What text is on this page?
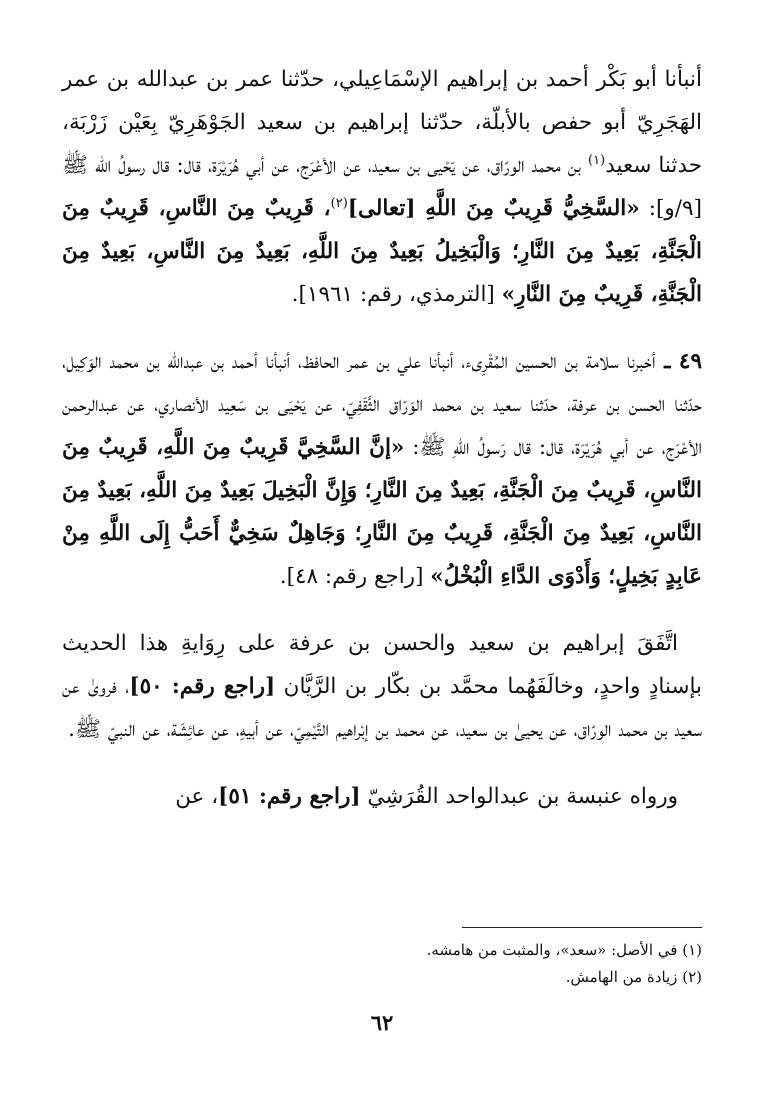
أنبأنا أبو بَكْر أحمد بن إبراهيم الإسْمَاعِيلي، حدّثنا عمر بن عبدالله بن عمر الهَجَرِيّ أبو حفص بالأبلّة، حدّثنا إبراهيم بن سعيد الجَوْهَرِيّ بِعَيْن زَرْبَة، حدثنا سعيد$^{(١)}$ بن محمد الورّاق، عن يَحْيى بن سعيد، عن الأعْرَج، عن أبي هُرَيْرَة، قال: قال رسولُ الله ﷺ [٩/و]: «السَّخِيُّ قَرِيبٌ مِنَ اللَّهِ [تعالى]$^{(٢)}$، قَرِيبٌ مِنَ النَّاسِ، قَرِيبٌ مِنَ الْجَنَّةِ، بَعِيدٌ مِنَ النَّارِ؛ وَالْبَخِيلُ بَعِيدٌ مِنَ اللَّهِ، بَعِيدٌ مِنَ النَّاسِ، بَعِيدٌ مِنَ الْجَنَّةِ، قَرِيبٌ مِنَ النَّارِ» [الترمذي، رقم: ١٩٦١].

٤٩ ـ أخبرنا سلامة بن الحسين المُقْرِىء، أنبأنا علي بن عمر الحافظ، أنبأنا أحمد بن عبدالله بن محمد الوَكِيل، حدّثنا الحسن بن عرفة، حدّثنا سعيد بن محمد الوَرّاق الثَّقَفِيّ، عن يَحْيَى بن سَعِيد الأنصاري، عن عبدالرحمن الأعْرَج، عن أبي هُرَيْرَة، قال: قال رَسولُ اللّهِ ﷺ: «إنَّ السَّخِيَّ قَرِيبٌ مِنَ اللَّهِ، قَرِيبٌ مِنَ النَّاسِ، قَرِيبٌ مِنَ الْجَنَّةِ، بَعِيدٌ مِنَ النَّارِ؛ وَإِنَّ الْبَخِيلَ بَعِيدٌ مِنَ اللَّهِ، بَعِيدٌ مِنَ النَّاسِ، بَعِيدٌ مِنَ الْجَنَّةِ، قَرِيبٌ مِنَ النَّارِ؛ وَجَاهِلٌ سَخِيٌّ أَحَبُّ إِلَى اللَّهِ مِنْ عَابِدٍ بَخِيلٍ؛ وَأَدْوَى الدَّاءِ الْبُخْلُ» [راجع رقم: ٤٨].

اتَّفَقَ إبراهيم بن سعيد والحسن بن عرفة على رِوَايةِ هذا الحديث بإسنادٍ واحدٍ، وخالَفَهُما محمَّد بن بكّار بن الرَّيَّان [راجع رقم: ٥٠]، فروىٰ عن سعيد بن محمد الورّاق، عن يحيىٰ بن سعيد، عن محمد بن إبْراهيم التَّيْمِيّ، عن أبيهِ، عن عائِشَة، عن النبيّ ﷺ.

ورواه عنبسة بن عبدالواحد القُرَشِيّ [راجع رقم: ٥١]، عن

(١) في الأصل: «سعد»، والمثبت من هامشه.

(٢) زيادة من الهامش.

٦٢
